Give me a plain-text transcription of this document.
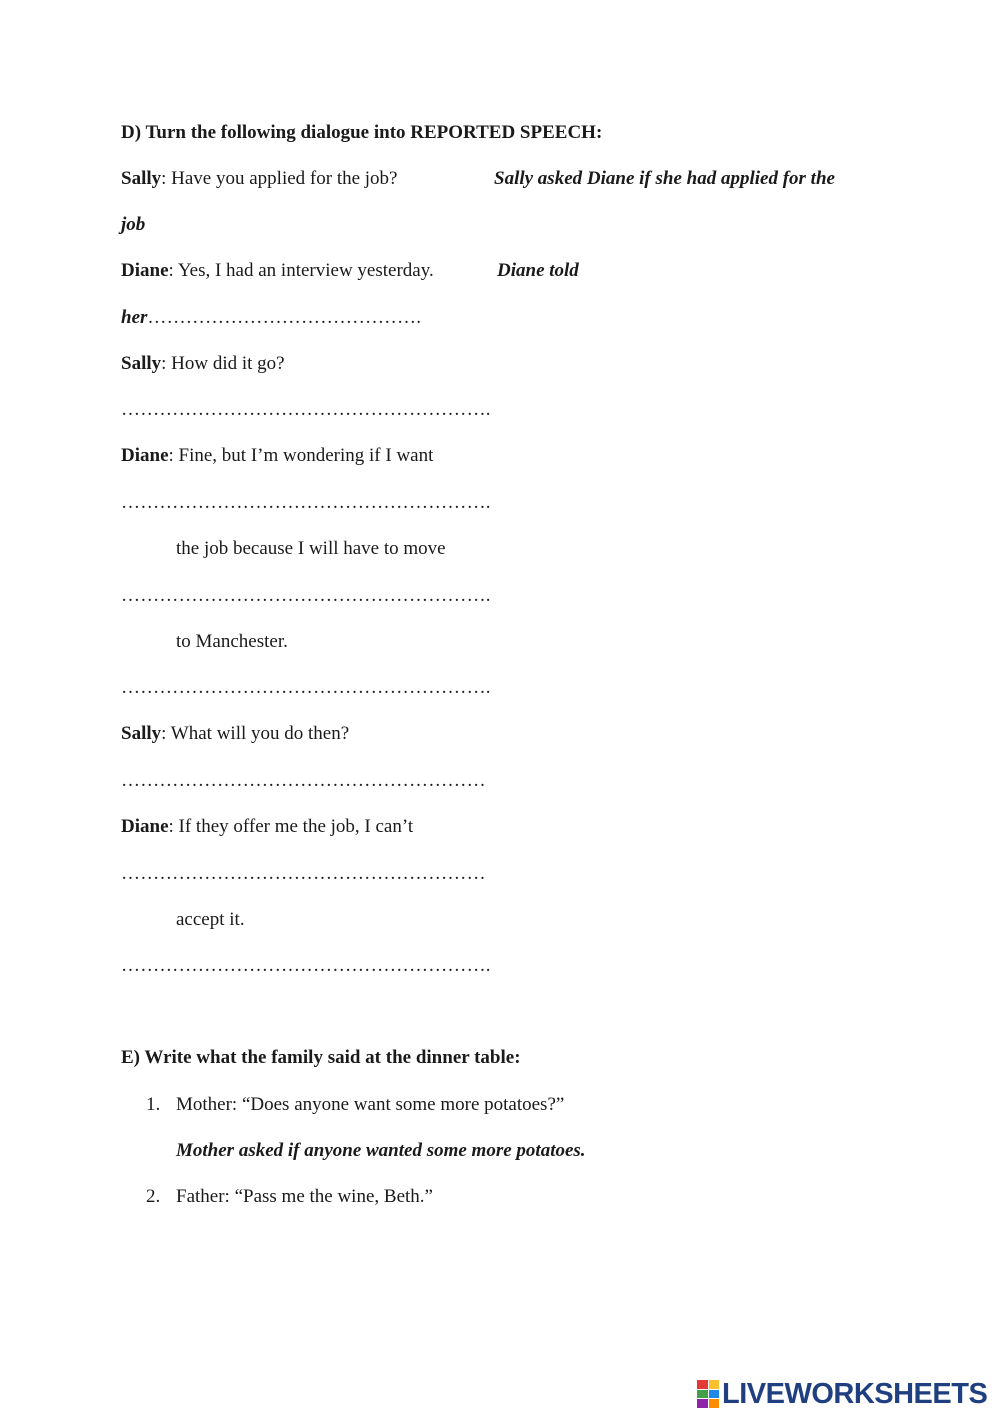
D) Turn the following dialogue into REPORTED SPEECH:
Sally: Have you applied for the job?	Sally asked Diane if she had applied for the
job
Diane: Yes, I had an interview yesterday.	Diane told
her…………………………………….
Sally: How did it go?
………………………………………………….
Diane: Fine, but I’m wondering if I want
………………………………………………….
the job because I will have to move
………………………………………………….
to Manchester.
………………………………………………….
Sally: What will you do then?
…………………………………………………
Diane: If they offer me the job, I can’t
…………………………………………………
accept it.
………………………………………………….
E) Write what the family said at the dinner table:
1. Mother: “Does anyone want some more potatoes?”
Mother asked if anyone wanted some more potatoes.
2. Father: “Pass me the wine, Beth.”
LIVEWORKSHEETS
